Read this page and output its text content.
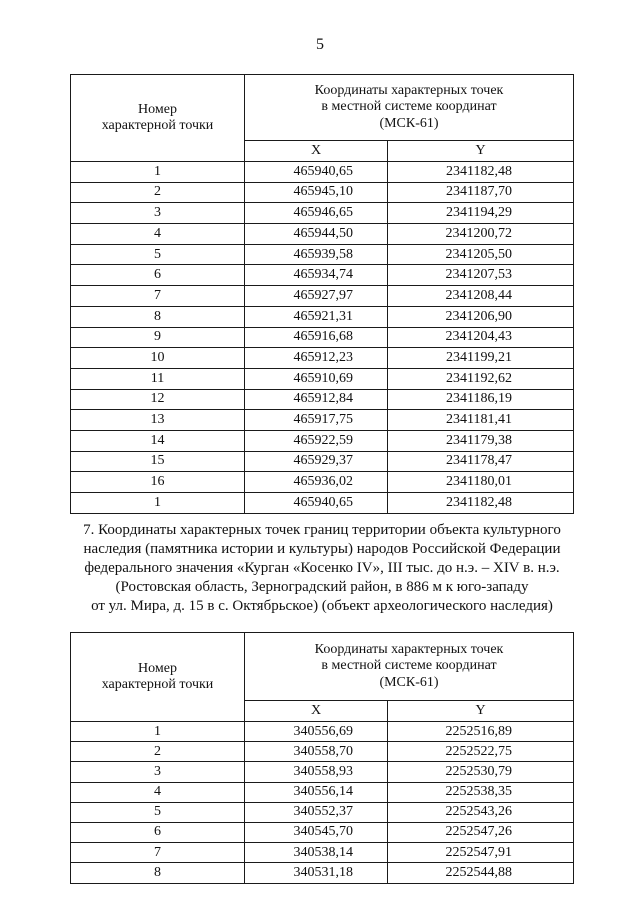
5
Номер
характерной точки	Координаты характерных точек
в местной системе координат
(МСК-61)	

	X	Y
1	465940,65	2341182,48
2	465945,10	2341187,70
3	465946,65	2341194,29
4	465944,50	2341200,72
5	465939,58	2341205,50
6	465934,74	2341207,53
7	465927,97	2341208,44
8	465921,31	2341206,90
9	465916,68	2341204,43
10	465912,23	2341199,21
11	465910,69	2341192,62
12	465912,84	2341186,19
13	465917,75	2341181,41
14	465922,59	2341179,38
15	465929,37	2341178,47
16	465936,02	2341180,01
1	465940,65	2341182,48
7. Координаты характерных точек границ территории объекта культурного
наследия (памятника истории и культуры) народов Российской Федерации
федерального значения «Курган «Косенко IV», III тыс. до н.э. – XIV в. н.э.
(Ростовская область, Зерноградский район, в 886 м к юго-западу
от ул. Мира, д. 15 в с. Октябрьское) (объект археологического наследия)
Номер
характерной точки	Координаты характерных точек
в местной системе координат
(МСК-61)	

	X	Y
1	340556,69	2252516,89
2	340558,70	2252522,75
3	340558,93	2252530,79
4	340556,14	2252538,35
5	340552,37	2252543,26
6	340545,70	2252547,26
7	340538,14	2252547,91
8	340531,18	2252544,88
